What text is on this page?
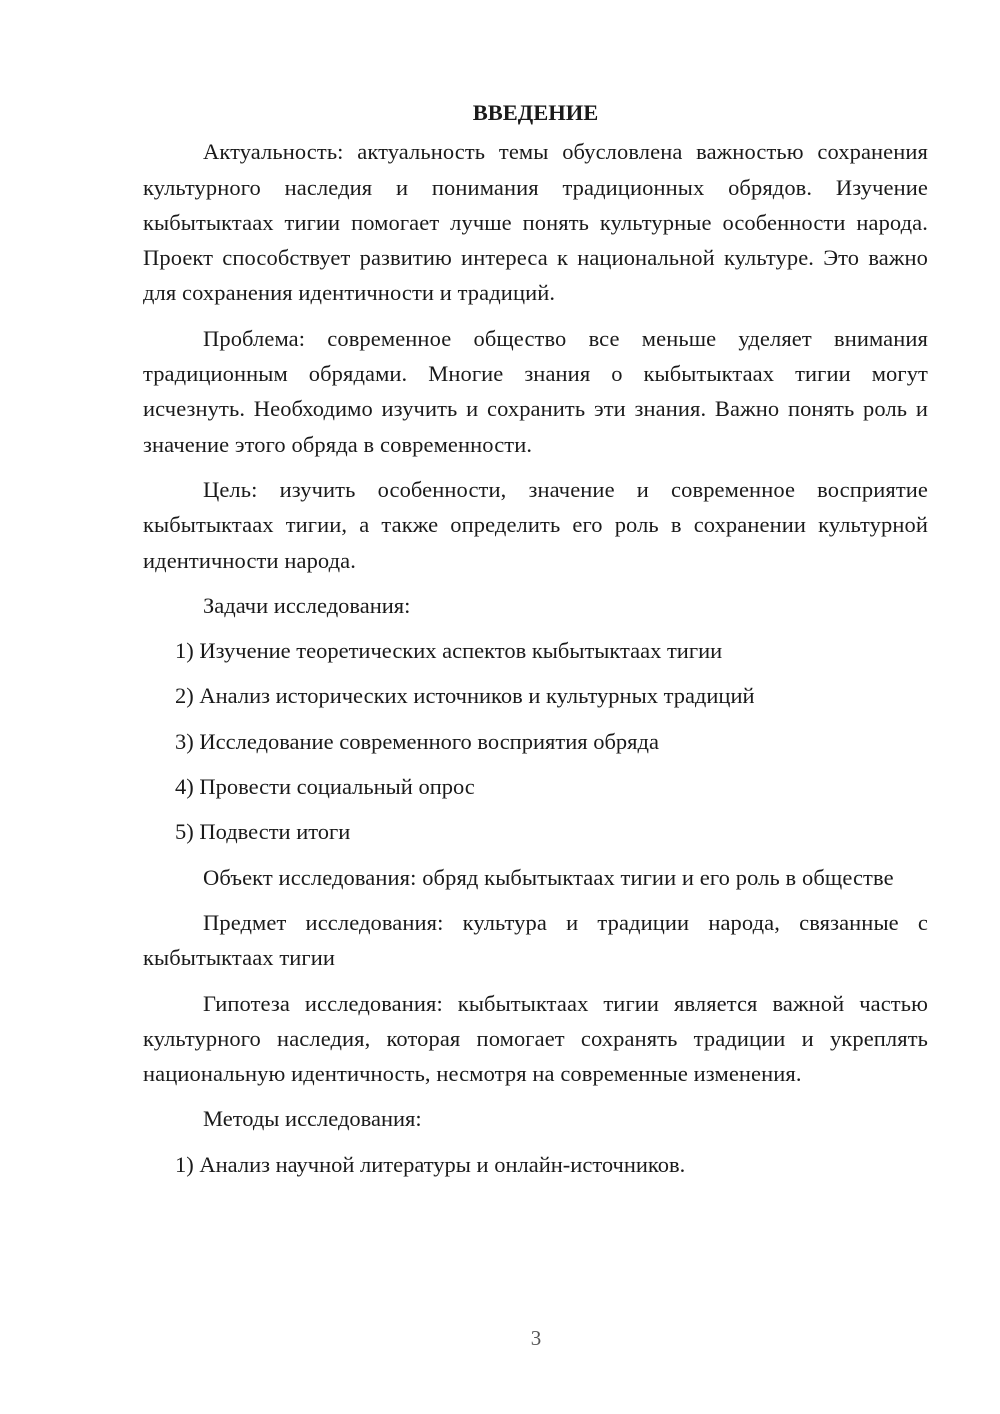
ВВЕДЕНИЕ

Актуальность: актуальность темы обусловлена важностью сохранения культурного наследия и понимания традиционных обрядов. Изучение кыбытыктаах тигии помогает лучше понять культурные особенности народа. Проект способствует развитию интереса к национальной культуре. Это важно для сохранения идентичности и традиций.

Проблема: современное общество все меньше уделяет внимания традиционным обрядами. Многие знания о кыбытыктаах тигии могут исчезнуть. Необходимо изучить и сохранить эти знания. Важно понять роль и значение этого обряда в современности.

Цель: изучить особенности, значение и современное восприятие кыбытыктаах тигии, а также определить его роль в сохранении культурной идентичности народа.

Задачи исследования:

1) Изучение теоретических аспектов кыбытыктаах тигии

2) Анализ исторических источников и культурных традиций

3) Исследование современного восприятия обряда

4) Провести социальный опрос

5) Подвести итоги

Объект исследования: обряд кыбытыктаах тигии и его роль в обществе

Предмет исследования: культура и традиции народа, связанные с кыбытыктаах тигии

Гипотеза исследования: кыбытыктаах тигии является важной частью культурного наследия, которая помогает сохранять традиции и укреплять национальную идентичность, несмотря на современные изменения.

Методы исследования:

1) Анализ научной литературы и онлайн-источников.

3
